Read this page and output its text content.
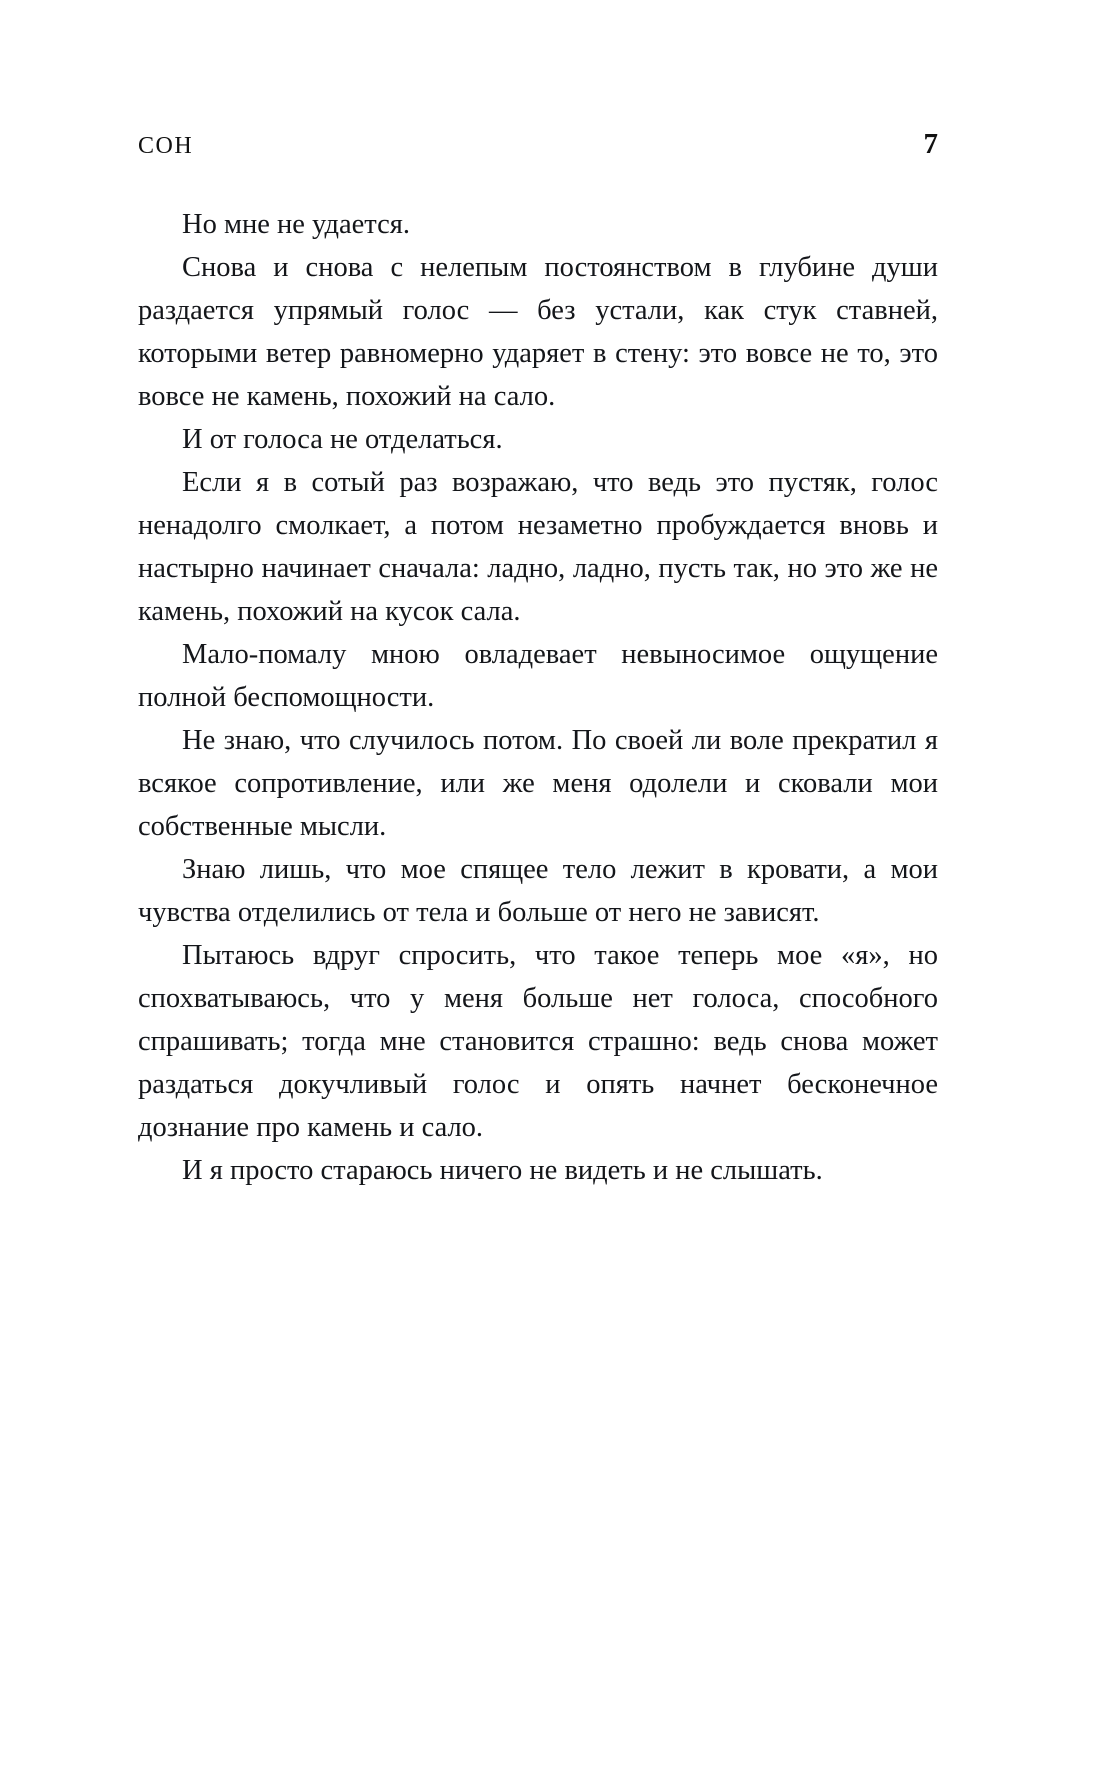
СОН	7

Но мне не удается.

Снова и снова с нелепым постоянством в глубине души раздается упрямый голос — без устали, как стук ставней, которыми ветер равномерно ударяет в стену: это вовсе не то, это вовсе не камень, похожий на сало.

И от голоса не отделаться.

Если я в сотый раз возражаю, что ведь это пустяк, голос ненадолго смолкает, а потом незаметно пробуждается вновь и настырно начинает сначала: ладно, ладно, пусть так, но это же не камень, похожий на кусок сала.

Мало-помалу мною овладевает невыносимое ощущение полной беспомощности.

Не знаю, что случилось потом. По своей ли воле прекратил я всякое сопротивление, или же меня одолели и сковали мои собственные мысли.

Знаю лишь, что мое спящее тело лежит в кровати, а мои чувства отделились от тела и больше от него не зависят.

Пытаюсь вдруг спросить, что такое теперь мое «я», но спохватываюсь, что у меня больше нет голоса, способного спрашивать; тогда мне становится страшно: ведь снова может раздаться докучливый голос и опять начнет бесконечное дознание про камень и сало.

И я просто стараюсь ничего не видеть и не слышать.
